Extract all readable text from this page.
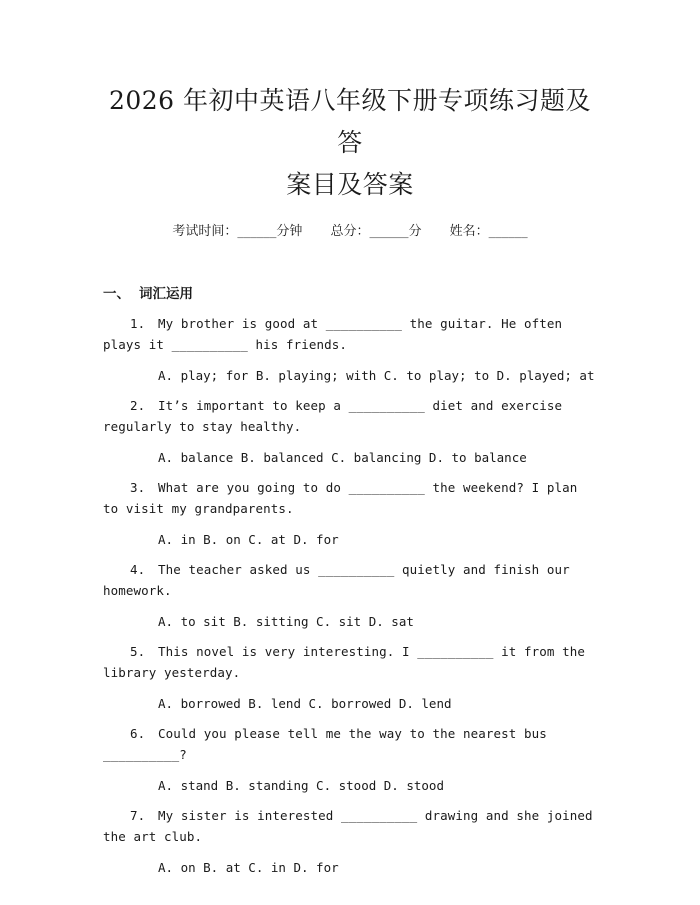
2026 年初中英语八年级下册专项练习题及答
案目及答案
考试时间：______分钟 总分：______分 姓名：______
一、 词汇运用
1. My brother is good at __________ the guitar. He often plays it __________ his friends.
A. play; for B. playing; with C. to play; to D. played; at
2. It’s important to keep a __________ diet and exercise regularly to stay healthy.
A. balance B. balanced C. balancing D. to balance
3. What are you going to do __________ the weekend? I plan to visit my grandparents.
A. in B. on C. at D. for
4. The teacher asked us __________ quietly and finish our homework.
A. to sit B. sitting C. sit D. sat
5. This novel is very interesting. I __________ it from the library yesterday.
A. borrowed B. lend C. borrowed D. lend
6. Could you please tell me the way to the nearest bus __________?
A. stand B. standing C. stood D. stood
7. My sister is interested __________ drawing and she joined the art club.
A. on B. at C. in D. for
